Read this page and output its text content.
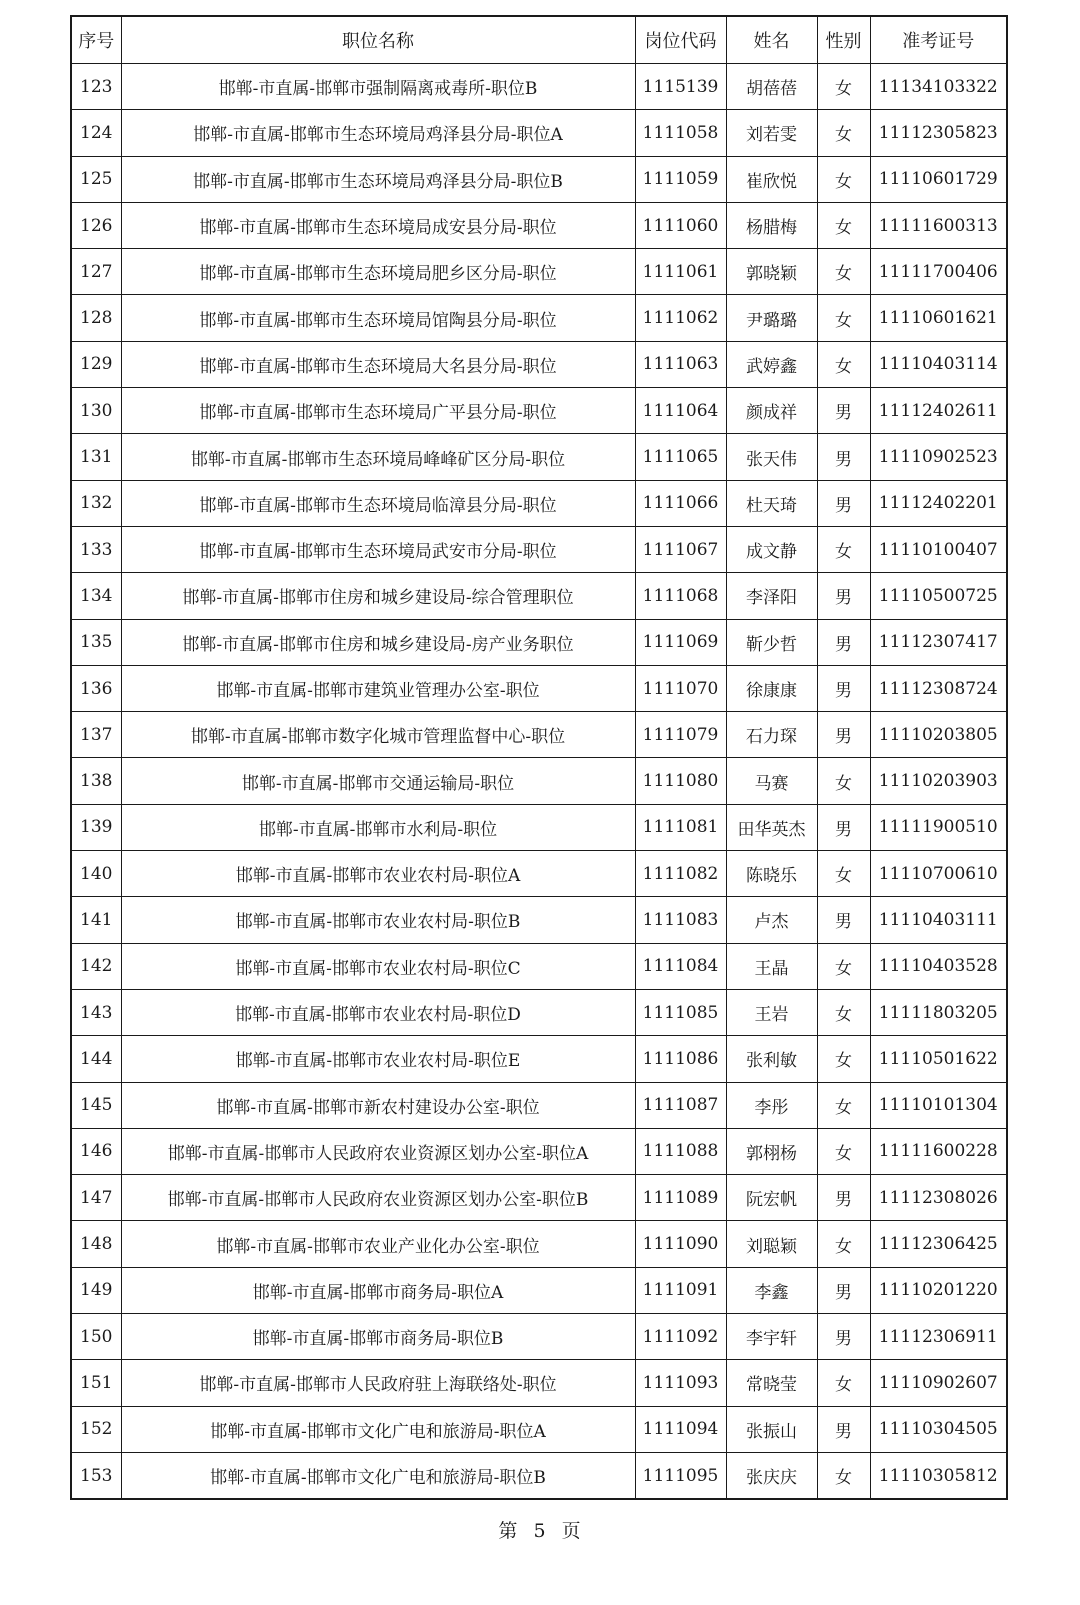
序号	职位名称	岗位代码	姓名	性别	准考证号
123	邯郸-市直属-邯郸市强制隔离戒毒所-职位B	1115139	胡蓓蓓	女	11134103322
124	邯郸-市直属-邯郸市生态环境局鸡泽县分局-职位A	1111058	刘若雯	女	11112305823
125	邯郸-市直属-邯郸市生态环境局鸡泽县分局-职位B	1111059	崔欣悦	女	11110601729
126	邯郸-市直属-邯郸市生态环境局成安县分局-职位	1111060	杨腊梅	女	11111600313
127	邯郸-市直属-邯郸市生态环境局肥乡区分局-职位	1111061	郭晓颖	女	11111700406
128	邯郸-市直属-邯郸市生态环境局馆陶县分局-职位	1111062	尹璐璐	女	11110601621
129	邯郸-市直属-邯郸市生态环境局大名县分局-职位	1111063	武婷鑫	女	11110403114
130	邯郸-市直属-邯郸市生态环境局广平县分局-职位	1111064	颜成祥	男	11112402611
131	邯郸-市直属-邯郸市生态环境局峰峰矿区分局-职位	1111065	张天伟	男	11110902523
132	邯郸-市直属-邯郸市生态环境局临漳县分局-职位	1111066	杜天琦	男	11112402201
133	邯郸-市直属-邯郸市生态环境局武安市分局-职位	1111067	成文静	女	11110100407
134	邯郸-市直属-邯郸市住房和城乡建设局-综合管理职位	1111068	李泽阳	男	11110500725
135	邯郸-市直属-邯郸市住房和城乡建设局-房产业务职位	1111069	靳少哲	男	11112307417
136	邯郸-市直属-邯郸市建筑业管理办公室-职位	1111070	徐康康	男	11112308724
137	邯郸-市直属-邯郸市数字化城市管理监督中心-职位	1111079	石力琛	男	11110203805
138	邯郸-市直属-邯郸市交通运输局-职位	1111080	马赛	女	11110203903
139	邯郸-市直属-邯郸市水利局-职位	1111081	田华英杰	男	11111900510
140	邯郸-市直属-邯郸市农业农村局-职位A	1111082	陈晓乐	女	11110700610
141	邯郸-市直属-邯郸市农业农村局-职位B	1111083	卢杰	男	11110403111
142	邯郸-市直属-邯郸市农业农村局-职位C	1111084	王晶	女	11110403528
143	邯郸-市直属-邯郸市农业农村局-职位D	1111085	王岩	女	11111803205
144	邯郸-市直属-邯郸市农业农村局-职位E	1111086	张利敏	女	11110501622
145	邯郸-市直属-邯郸市新农村建设办公室-职位	1111087	李彤	女	11110101304
146	邯郸-市直属-邯郸市人民政府农业资源区划办公室-职位A	1111088	郭栩杨	女	11111600228
147	邯郸-市直属-邯郸市人民政府农业资源区划办公室-职位B	1111089	阮宏帆	男	11112308026
148	邯郸-市直属-邯郸市农业产业化办公室-职位	1111090	刘聪颖	女	11112306425
149	邯郸-市直属-邯郸市商务局-职位A	1111091	李鑫	男	11110201220
150	邯郸-市直属-邯郸市商务局-职位B	1111092	李宇轩	男	11112306911
151	邯郸-市直属-邯郸市人民政府驻上海联络处-职位	1111093	常晓莹	女	11110902607
152	邯郸-市直属-邯郸市文化广电和旅游局-职位A	1111094	张振山	男	11110304505
153	邯郸-市直属-邯郸市文化广电和旅游局-职位B	1111095	张庆庆	女	11110305812
第 5 页
